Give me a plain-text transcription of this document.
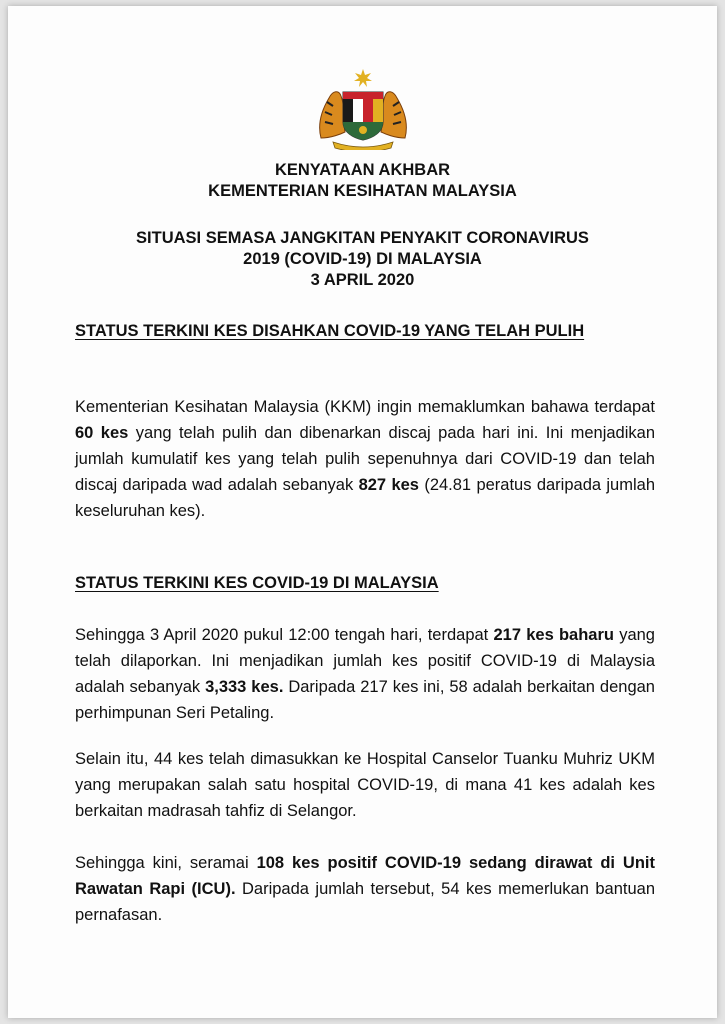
KENYATAAN AKHBAR
KEMENTERIAN KESIHATAN MALAYSIA
SITUASI SEMASA JANGKITAN PENYAKIT CORONAVIRUS
2019 (COVID-19) DI MALAYSIA
3 APRIL 2020
STATUS TERKINI KES DISAHKAN COVID-19 YANG TELAH PULIH
Kementerian Kesihatan Malaysia (KKM) ingin memaklumkan bahawa terdapat 60 kes yang telah pulih dan dibenarkan discaj pada hari ini. Ini menjadikan jumlah kumulatif kes yang telah pulih sepenuhnya dari COVID-19 dan telah discaj daripada wad adalah sebanyak 827 kes (24.81 peratus daripada jumlah keseluruhan kes).
STATUS TERKINI KES COVID-19 DI MALAYSIA
Sehingga 3 April 2020 pukul 12:00 tengah hari, terdapat 217 kes baharu yang telah dilaporkan. Ini menjadikan jumlah kes positif COVID-19 di Malaysia adalah sebanyak 3,333 kes. Daripada 217 kes ini, 58 adalah berkaitan dengan perhimpunan Seri Petaling.
Selain itu, 44 kes telah dimasukkan ke Hospital Canselor Tuanku Muhriz UKM yang merupakan salah satu hospital COVID-19, di mana 41 kes adalah kes berkaitan madrasah tahfiz di Selangor.
Sehingga kini, seramai 108 kes positif COVID-19 sedang dirawat di Unit Rawatan Rapi (ICU). Daripada jumlah tersebut, 54 kes memerlukan bantuan pernafasan.
